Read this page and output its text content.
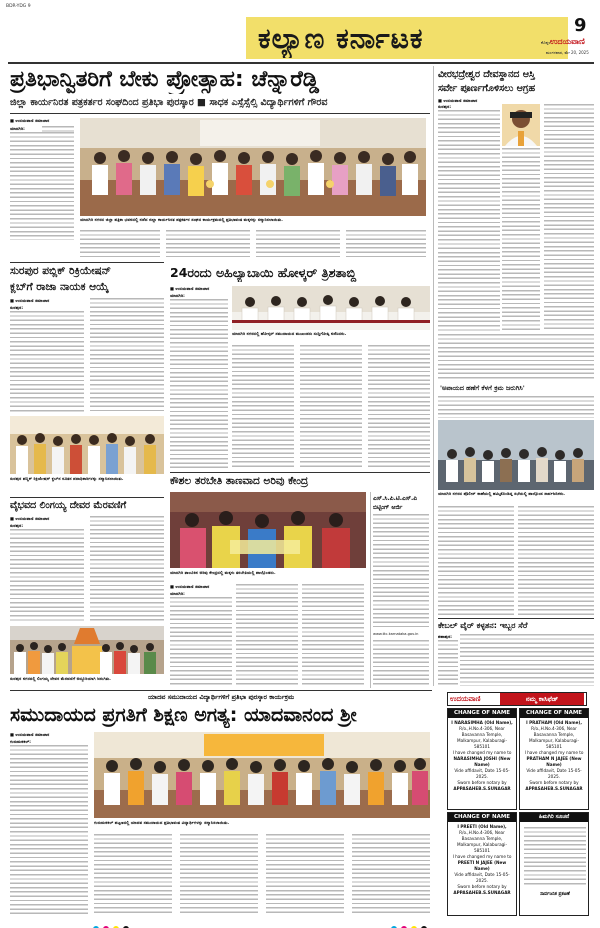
BDR-YDG 9
ಕಲ್ಯಾಣ ಕರ್ನಾಟಕ	9
ಕೊಪ್ಪಳ ಉದಯವಾಣಿ
ಮಂಗಳವಾರ, ಮೇ 20, 2025
ಪ್ರತಿಭಾನ್ವಿತರಿಗೆ ಬೇಕು ಪ್ರೋತ್ಸಾಹ: ಚೆನ್ನಾರೆಡ್ಡಿ
ಜಿಲ್ಲಾ ಕಾರ್ಯನಿರತ ಪತ್ರಕರ್ತರ ಸಂಘದಿಂದ ಪ್ರತಿಭಾ ಪುರಸ್ಕಾರ ■ ಸಾಧಕ ಎಸ್ಸೆಸ್ಸೆಲ್ಸಿ ವಿದ್ಯಾರ್ಥಿಗಳಿಗೆ ಗೌರವ
■ ಉದಯವಾಣಿ ಸಮಾಚಾರ
ಯಾದಗಿರಿ:
ಯಾದಗಿರಿ ನಗರದ ಜಿಲ್ಲಾ ಪತ್ರಿಕಾ ಭವನದಲ್ಲಿ ನಡೆದ ಜಿಲ್ಲಾ ಕಾರ್ಯನಿರತ ಪತ್ರಕರ್ತರ ಸಂಘದ ಕಾರ್ಯಕ್ರಮದಲ್ಲಿ ಪ್ರತಿಭಾವಂತ ಮಕ್ಕಳನ್ನು ಸನ್ಮಾನಿಸಲಾಯಿತು.
ವೀರಭದ್ರೇಶ್ವರ ದೇವಸ್ಥಾನದ ಆಸ್ತಿ
ಸರ್ವೇ ಪೂರ್ಣಗೊಳಿಸಲು ಆಗ್ರಹ
■ ಉದಯವಾಣಿ ಸಮಾಚಾರ
ಸುರಪುರ:
'ಅಪಾಯದ ಹಣೆಗೆ ಕೆಳಗೆ ಕ್ರಮ ಜರುಗಿಸಿ'
ಯಾದಗಿರಿ ನಗರದ ಪೊಲೀಸ್ ಠಾಣೆಯಲ್ಲಿ ಹಮ್ಮಿಕೊಂಡಿದ್ದ ಸಭೆಯಲ್ಲಿ ಪಾಲ್ಗೊಂಡ ಸಾರ್ವಜನಿಕರು.
ಸುರಪುರ ಪಬ್ಲಿಕ್ ರಿಕ್ರಿಯೇಷನ್
ಕ್ಲಬ್‌ಗೆ ರಾಜಾ ನಾಯಕ ಆಯ್ಕೆ
■ ಉದಯವಾಣಿ ಸಮಾಚಾರ
ಸುರಪುರ:
ಸುರಪುರ ಪಬ್ಲಿಕ್ ರಿಕ್ರಿಯೇಷನ್ ಕ್ಲಬ್‌ನ ನೂತನ ಪದಾಧಿಕಾರಿಗಳನ್ನು ಸನ್ಮಾನಿಸಲಾಯಿತು.
24ರಂದು ಅಹಿಲ್ಯಾಬಾಯಿ ಹೋಳ್ಕರ್ ತ್ರಿಶತಾಬ್ದಿ
■ ಉದಯವಾಣಿ ಸಮಾಚಾರ
ಯಾದಗಿರಿ:
ಯಾದಗಿರಿ ನಗರದಲ್ಲಿ ಹೋಳ್ಕರ್ ಸಮುದಾಯದ ಮುಖಂಡರು ಸುದ್ದಿಗೋಷ್ಠಿ ನಡೆಸಿದರು.
ವೈಭವದ ಲಿಂಗಯ್ಯ ದೇವರ ಮೆರವಣಿಗೆ
■ ಉದಯವಾಣಿ ಸಮಾಚಾರ
ಸುರಪುರ:
ಸುರಪುರ ನಗರದಲ್ಲಿ ಲಿಂಗಯ್ಯ ದೇವರ ಮೆರವಣಿಗೆ ಅದ್ದೂರಿಯಾಗಿ ಜರುಗಿತು.
ಕೌಶಲ ತರಬೇತಿ ತಾಣವಾದ ಅರಿವು ಕೇಂದ್ರ
ಯಾದಗಿರಿ ತಾಲೂಕಿನ ಅರಿವು ಕೇಂದ್ರದಲ್ಲಿ ಮಕ್ಕಳು ತರಬೇತಿಯಲ್ಲಿ ಪಾಲ್ಗೊಂಡರು.
■ ಉದಯವಾಣಿ ಸಮಾಚಾರ
ಯಾದಗಿರಿ:
ಎಸ್.ಸಿ.ಪಿ.ಟಿ.ಎಸ್.ಪಿ
ಬಿಟ್ಟಿಂಗ್ ಅರ್ಜಿ
www.ttc.karnataka.gov.in
ಕೇಬಲ್ ವೈರ್ ಕಳ್ಳತನ: ಇಬ್ಬರ ಸೆರೆ
ಶಹಾಪುರ:
ಉದಯವಾಣಿ	ನಮ್ಮ ಕಾಸಿಫೆಡ್
CHANGE OF NAME
I NARASIMHA (Old Name),
R/o.,H.No.4-306, Near Basavanna Temple, Malkampur, Kalaburagi-585101
I have changed my name to
NARASIMHA JOSHI (New Name)
Vide affidavit, Date 15-05-2025.
Sworn before notary by
APPASAHEB.S.SUNAGAR
CHANGE OF NAME
I PRATHAM (Old Name),
R/o.,H.No.4-306, Near Basavanna Temple, Malkampur, Kalaburagi-585101
I have changed my name to
PRATHAM N JAJEE (New Name)
Vide affidavit, Date 15-05-2025.
Sworn before notary by
APPASAHEB.S.SUNAGAR
CHANGE OF NAME
I PREETI (Old Name),
R/o.,H.No.4-306, Near Basavanna Temple, Malkampur, Kalaburagi-585101
I have changed my name to
PREETI N JAJEE (New Name)
Vide affidavit, Date 15-05-2025.
Sworn before notary by
APPASAHEB.S.SUNAGAR
ಹಿಮಗಿರಿ ಸೂಚನೆ
ಸಾರ್ವಜನಿಕ ಪ್ರಕಟಣೆ
ಯಾದವ ಸಮುದಾಯದ ವಿದ್ಯಾರ್ಥಿಗಳಿಗೆ ಪ್ರತಿಭಾ ಪುರಸ್ಕಾರ ಕಾರ್ಯಕ್ರಮ
ಸಮುದಾಯದ ಪ್ರಗತಿಗೆ ಶಿಕ್ಷಣ ಅಗತ್ಯ: ಯಾದವಾನಂದ ಶ್ರೀ
■ ಉದಯವಾಣಿ ಸಮಾಚಾರ
ಗುರುಮಠಕಲ್:
ಗುರುಮಠಕಲ್ ಪಟ್ಟಣದಲ್ಲಿ ಯಾದವ ಸಮುದಾಯದ ಪ್ರತಿಭಾವಂತ ವಿದ್ಯಾರ್ಥಿಗಳನ್ನು ಸನ್ಮಾನಿಸಲಾಯಿತು.
